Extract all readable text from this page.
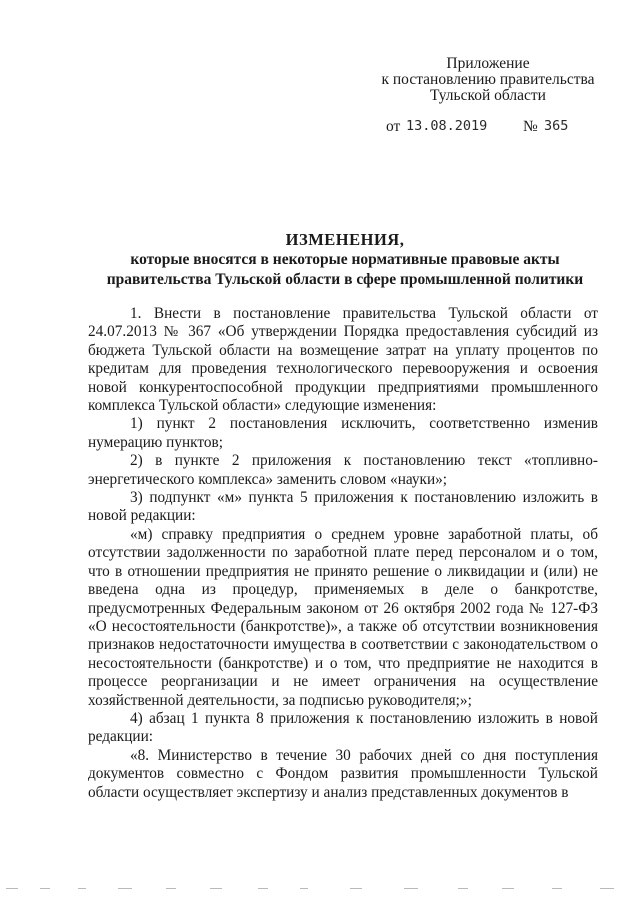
Приложение
к постановлению правительства
Тульской области
от 13.08.2019 № 365
ИЗМЕНЕНИЯ,
которые вносятся в некоторые нормативные правовые акты
правительства Тульской области в сфере промышленной политики

1. Внести в постановление правительства Тульской области от 24.07.2013 № 367 «Об утверждении Порядка предоставления субсидий из бюджета Тульской области на возмещение затрат на уплату процентов по кредитам для проведения технологического перевооружения и освоения новой конкурентоспособной продукции предприятиями промышленного комплекса Тульской области» следующие изменения:

1) пункт 2 постановления исключить, соответственно изменив нумерацию пунктов;

2) в пункте 2 приложения к постановлению текст «топливно-энергетического комплекса» заменить словом «науки»;

3) подпункт «м» пункта 5 приложения к постановлению изложить в новой редакции:

«м) справку предприятия о среднем уровне заработной платы, об отсутствии задолженности по заработной плате перед персоналом и о том, что в отношении предприятия не принято решение о ликвидации и (или) не введена одна из процедур, применяемых в деле о банкротстве, предусмотренных Федеральным законом от 26 октября 2002 года № 127-ФЗ «О несостоятельности (банкротстве)», а также об отсутствии возникновения признаков недостаточности имущества в соответствии с законодательством о несостоятельности (банкротстве) и о том, что предприятие не находится в процессе реорганизации и не имеет ограничения на осуществление хозяйственной деятельности, за подписью руководителя;»;

4) абзац 1 пункта 8 приложения к постановлению изложить в новой редакции:

«8. Министерство в течение 30 рабочих дней со дня поступления документов совместно с Фондом развития промышленности Тульской области осуществляет экспертизу и анализ представленных документов в
